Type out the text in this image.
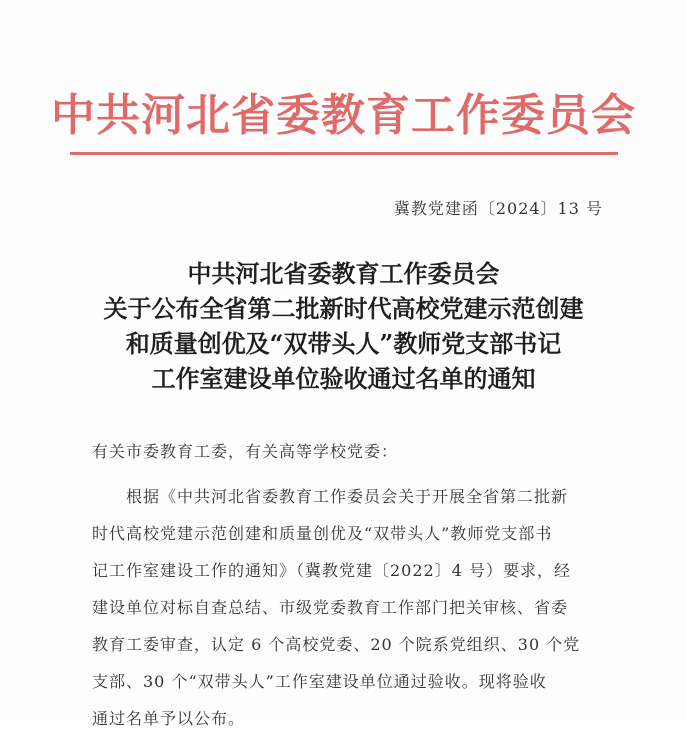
中共河北省委教育工作委员会
冀教党建函〔2024〕13 号
中共河北省委教育工作委员会
关于公布全省第二批新时代高校党建示范创建
和质量创优及“双带头人”教师党支部书记
工作室建设单位验收通过名单的通知
有关市委教育工委，有关高等学校党委：
根据《中共河北省委教育工作委员会关于开展全省第二批新
时代高校党建示范创建和质量创优及“双带头人”教师党支部书
记工作室建设工作的通知》（冀教党建〔2022〕4 号）要求，经
建设单位对标自查总结、市级党委教育工作部门把关审核、省委
教育工委审查，认定 6 个高校党委、20 个院系党组织、30 个党
支部、30 个“双带头人”工作室建设单位通过验收。现将验收
通过名单予以公布。
